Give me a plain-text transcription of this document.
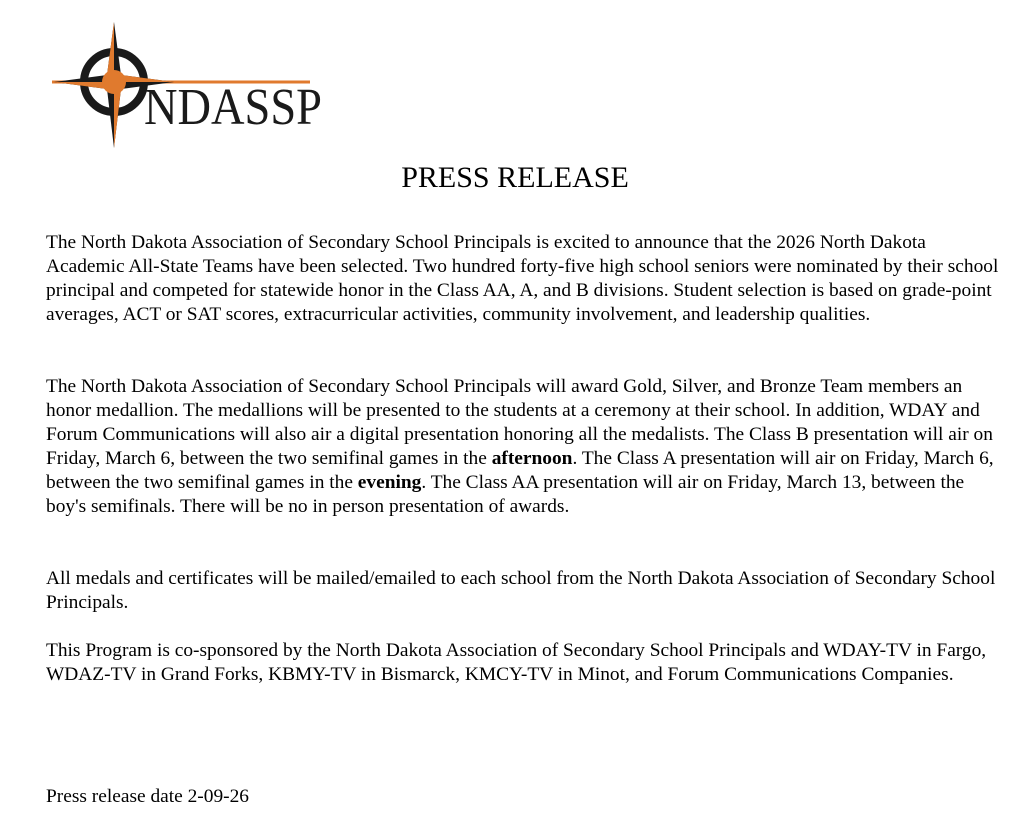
NDASSP
PRESS RELEASE

The North Dakota Association of Secondary School Principals is excited to announce that the 2026 North Dakota Academic All-State Teams have been selected. Two hundred forty-five high school seniors were nominated by their school principal and competed for statewide honor in the Class AA, A, and B divisions. Student selection is based on grade-point averages, ACT or SAT scores, extracurricular activities, community involvement, and leadership qualities.

The North Dakota Association of Secondary School Principals will award Gold, Silver, and Bronze Team members an honor medallion. The medallions will be presented to the students at a ceremony at their school. In addition, WDAY and Forum Communications will also air a digital presentation honoring all the medalists. The Class B presentation will air on Friday, March 6, between the two semifinal games in the afternoon. The Class A presentation will air on Friday, March 6, between the two semifinal games in the evening. The Class AA presentation will air on Friday, March 13, between the boy's semifinals. There will be no in person presentation of awards.

All medals and certificates will be mailed/emailed to each school from the North Dakota Association of Secondary School Principals.

This Program is co-sponsored by the North Dakota Association of Secondary School Principals and WDAY-TV in Fargo, WDAZ-TV in Grand Forks, KBMY-TV in Bismarck, KMCY-TV in Minot, and Forum Communications Companies.

Press release date 2-09-26
